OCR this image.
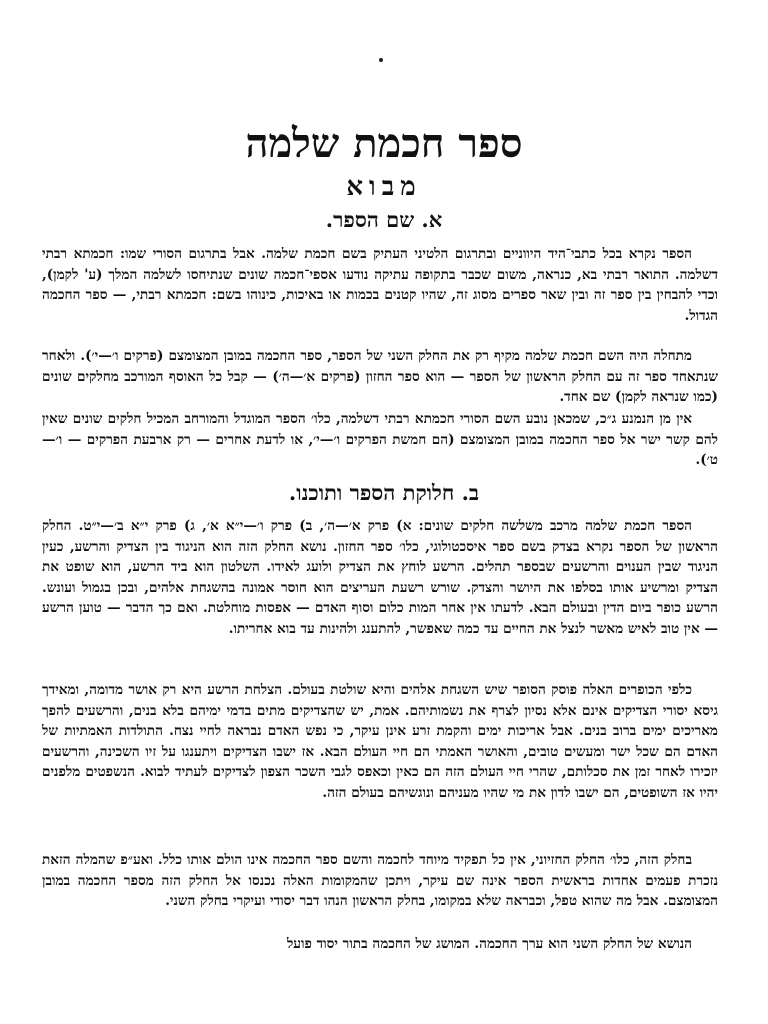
ספר חכמת שלמה
מבוא
א. שם הספר.
הספר נקרא בכל כתבי־היד היווניים ובתרגום הלטיני העתיק בשם חכמת שלמה. אבל בתרגום הסורי שמו: חכמתא רבתי דשלמה. התואר רבתי בא, כנראה, משום שכבר בתקופה עתיקה נודעו אספי־חכמה שונים שנתיחסו לשלמה המלך (ע' לקמן), וכדי להבחין בין ספר זה ובין שאר ספרים מסוג זה, שהיו קטנים בכמות או באיכות, כינוהו בשם: חכמתא רבתי, — ספר החכמה הגדול.
מתחלה היה השם חכמת שלמה מקיף רק את החלק השני של הספר, ספר החכמה במובן המצומצם (פרקים ו׳—י׳). ולאחר שנתאחד ספר זה עם החלק הראשון של הספר — הוא ספר החזון (פרקים א׳—ה׳) — קבל כל האוסף המורכב מחלקים שונים (כמו שנראה לקמן) שם אחד.
אין מן הנמנע ג״כ, שמכאן נובע השם הסורי חכמתא רבתי דשלמה, כלו׳ הספר המוגדל והמורחב המכיל חלקים שונים שאין להם קשר ישר אל ספר החכמה במובן המצומצם (הם חמשת הפרקים ו׳—י׳, או לדעת אחרים — רק ארבעת הפרקים — ו׳—ט׳).
ב. חלוקת הספר ותוכנו.
הספר חכמת שלמה מרכב משלשה חלקים שונים: א) פרק א׳—ה׳, ב) פרק ו׳—י״א א׳, ג) פרק י״א ב׳—י״ט. החלק הראשון של הספר נקרא בצדק בשם ספר איסכטולוגי, כלו׳ ספר החזון. נושא החלק הזה הוא הניגוד בין הצדיק והרשע, כעין הניגוד שבין הענוים והרשעים שבספר תהלים. הרשע לוחץ את הצדיק ולועג לאידו. השלטון הוא ביד הרשע, הוא שופט את הצדיק ומרשיע אותו בסלפו את היושר והצדק. שורש רשעת העריצים הוא חוסר אמונה בהשגחת אלהים, ובכן בגמול ועונש. הרשע כופר ביום הדין ובעולם הבא. לדעתו אין אחר המות כלום וסוף האדם — אפסות מוחלטת. ואם כך הדבר — טוען הרשע — אין טוב לאיש מאשר לנצל את החיים עד כמה שאפשר, להתענג ולהינות עד בוא אחריתו.
כלפי הכופרים האלה פוסק הסופר שיש השגחת אלהים והיא שולטת בעולם. הצלחת הרשע היא רק אושר מדומה, ומאידך גיסא יסורי הצדיקים אינם אלא נסיון לצרף את נשמותיהם. אמת, יש שהצדיקים מתים בדמי ימיהם בלא בנים, והרשעים להפך מאריכים ימים ברוב בנים. אבל אריכות ימים והקמת זרע אינן עיקר, כי נפש האדם נבראה לחיי נצח. התולדות האמתיות של האדם הם שכל ישר ומעשים טובים, והאושר האמתי הם חיי העולם הבא. אז ישבו הצדיקים ויתענגו על זיו השכינה, והרשעים יזכירו לאחר זמן את סכלותם, שהרי חיי העולם הזה הם כאין וכאפס לגבי השכר הצפון לצדיקים לעתיד לבוא. הנשפטים מלפנים יהיו אז השופטים, הם ישבו לדון את מי שהיו מעניהם ונוגשיהם בעולם הזה.
בחלק הזה, כלו׳ החלק החזיוני, אין כל תפקיד מיוחד לחכמה והשם ספר החכמה אינו הולם אותו כלל. ואע״פ שהמלה הזאת נזכרת פעמים אחדות בראשית הספר אינה שם עיקר, ויתכן שהמקומות האלה נכנסו אל החלק הזה מספר החכמה במובן המצומצם. אבל מה שהוא טפל, וכבראה שלא במקומו, בחלק הראשון הנהו דבר יסודי ועיקרי בחלק השני.
הנושא של החלק השני הוא ערך החכמה. המושג של החכמה בתור יסוד פועל
